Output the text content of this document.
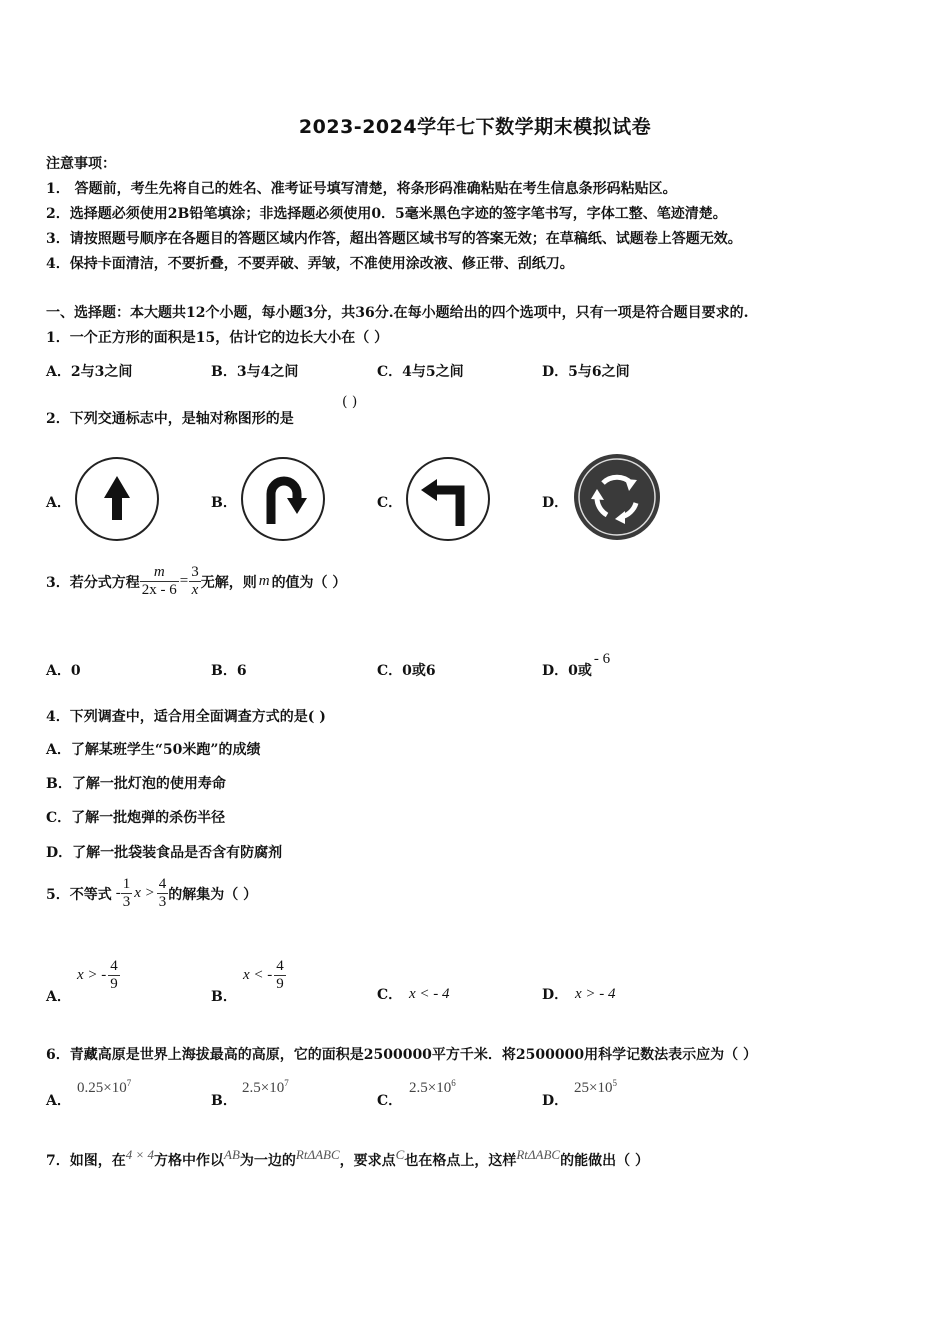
2023-2024学年七下数学期末模拟试卷
注意事项：
1． 答题前，考生先将自己的姓名、准考证号填写清楚，将条形码准确粘贴在考生信息条形码粘贴区。
2．选择题必须使用2B铅笔填涂；非选择题必须使用0．5毫米黑色字迹的签字笔书写，字体工整、笔迹清楚。
3．请按照题号顺序在各题目的答题区域内作答，超出答题区域书写的答案无效；在草稿纸、试题卷上答题无效。
4．保持卡面清洁，不要折叠，不要弄破、弄皱，不准使用涂改液、修正带、刮纸刀。
一、选择题：本大题共12个小题，每小题3分，共36分.在每小题给出的四个选项中，只有一项是符合题目要求的.
1．一个正方形的面积是15，估计它的边长大小在（ ）
A．2与3之间	B．3与4之间	C．4与5之间	D．5与6之间
2．下列交通标志中，是轴对称图形的是
( )
A．	B．	C．	D．
3．若分式方程 $\frac{m}{2x - 6} = \frac{3}{x}$ 无解，则 m 的值为（ ）
A．0	B．6	C．0或6	D．0或- 6
4．下列调查中，适合用全面调查方式的是( )
A．了解某班学生“50米跑”的成绩
B．了解一批灯泡的使用寿命
C．了解一批炮弹的杀伤半径
D．了解一批袋装食品是否含有防腐剂
5．不等式 - $\frac{1}{3}$ $x > \frac{4}{3}$ 的解集为（ ）
A．
x > - $\frac{4}{9}$
B．
x < - $\frac{4}{9}$
C． x < - 4	D． x > - 4
6．青藏高原是世界上海拔最高的高原，它的面积是2500000平方千米．将2500000用科学记数法表示应为（ ）
A．
$0.25\times 10^7$
B．
$2.5\times 10^7$
C．
$2.5\times 10^6$
D．
$25\times 10^5$
7．如图，在4 × 4方格中作以AB为一边的RtΔABC，要求点C也在格点上，这样RtΔABC的能做出（ ）
